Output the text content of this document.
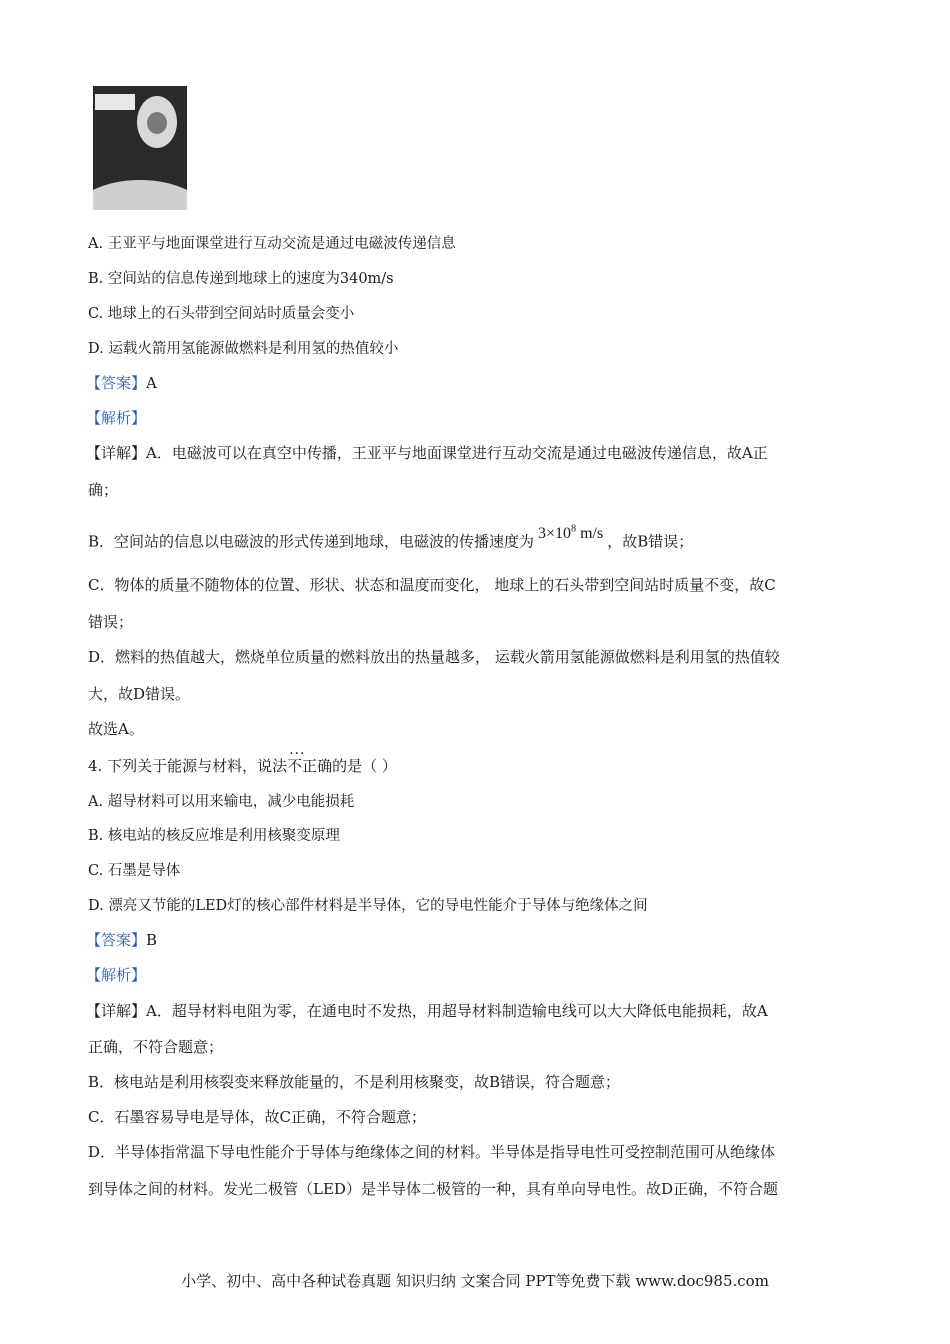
A. 王亚平与地面课堂进行互动交流是通过电磁波传递信息
B. 空间站的信息传递到地球上的速度为340m/s
C. 地球上的石头带到空间站时质量会变小
D. 运载火箭用氢能源做燃料是利用氢的热值较小
【答案】A
【解析】
【详解】A．电磁波可以在真空中传播，王亚平与地面课堂进行互动交流是通过电磁波传递信息，故A正
确；
B．空间站的信息以电磁波的形式传递到地球，电磁波的传播速度为 $3\times 10^8$ m/s ，故B错误；
C．物体的质量不随物体的位置、形状、状态和温度而变化， 地球上的石头带到空间站时质量不变，故C
错误；
D．燃料的热值越大，燃烧单位质量的燃料放出的热量越多， 运载火箭用氢能源做燃料是利用氢的热值较
大，故D错误。
故选A。
4. 下列关于能源与材料，说法··· 不正确的是（ ）
A. 超导材料可以用来输电，减少电能损耗
B. 核电站的核反应堆是利用核聚变原理
C. 石墨是导体
D. 漂亮又节能的LED灯的核心部件材料是半导体，它的导电性能介于导体与绝缘体之间
【答案】B
【解析】
【详解】A．超导材料电阻为零，在通电时不发热，用超导材料制造输电线可以大大降低电能损耗，故A
正确，不符合题意；
B．核电站是利用核裂变来释放能量的，不是利用核聚变，故B错误，符合题意；
C．石墨容易导电是导体，故C正确，不符合题意；
D．半导体指常温下导电性能介于导体与绝缘体之间的材料。半导体是指导电性可受控制范围可从绝缘体
到导体之间的材料。发光二极管（LED）是半导体二极管的一种，具有单向导电性。故D正确，不符合题
小学、初中、高中各种试卷真题 知识归纳 文案合同 PPT等免费下载 www.doc985.com
